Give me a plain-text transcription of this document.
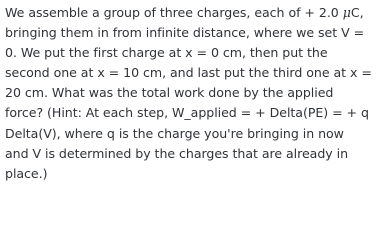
We assemble a group of three charges, each of + 2.0 μC,
bringing them in from infinite distance, where we set V =
0. We put the first charge at x = 0 cm, then put the
second one at x = 10 cm, and last put the third one at x =
20 cm. What was the total work done by the applied
force? (Hint: At each step, W_applied = + Delta(PE) = + q
Delta(V), where q is the charge you're bringing in now
and V is determined by the charges that are already in
place.)
